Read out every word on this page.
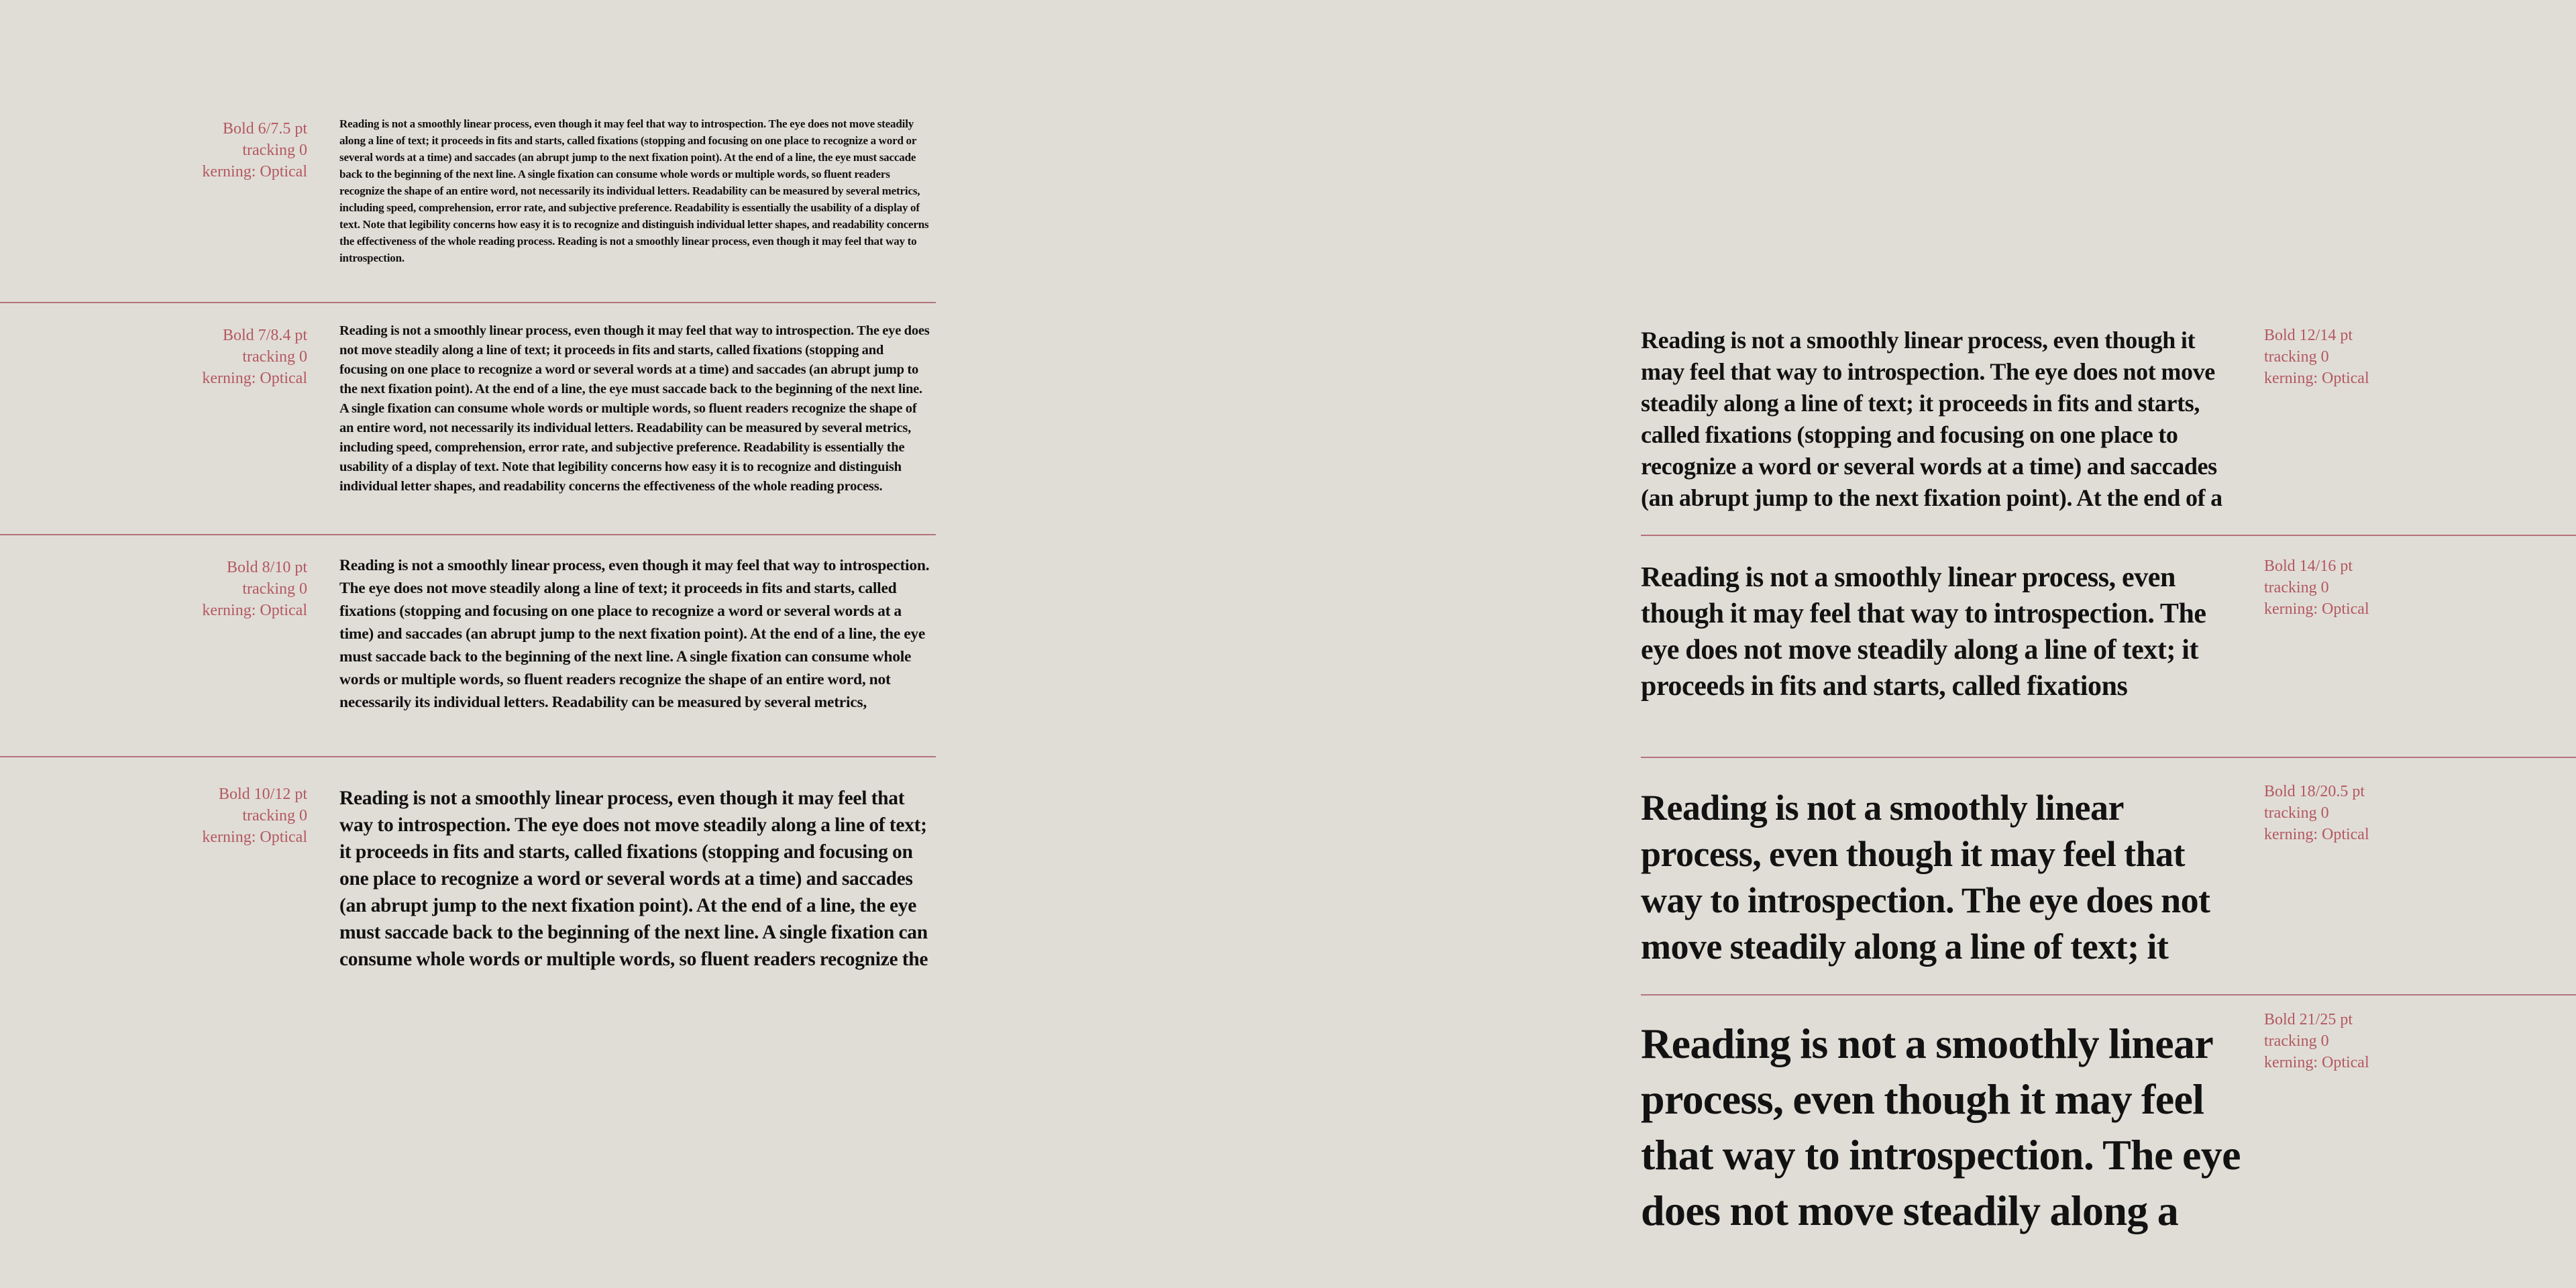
Bold 6/7.5 pt
tracking 0
kerning: Optical
Bold 7/8.4 pt
tracking 0
kerning: Optical
Bold 8/10 pt
tracking 0
kerning: Optical
Bold 10/12 pt
tracking 0
kerning: Optical
Reading is not a smoothly linear process, even though it may feel that way to introspection. The eye does not move steadily along a line of text; it proceeds in fits and starts, called fixations (stopping and focusing on one place to recognize a word or several words at a time) and saccades (an abrupt jump to the next fixation point). At the end of a line, the eye must saccade back to the beginning of the next line. A single fixation can consume whole words or multiple words, so fluent readers recognize the shape of an entire word, not necessarily its individual letters. Readability can be measured by several metrics, including speed, comprehension, error rate, and subjective preference. Readability is essentially the usability of a display of text. Note that legibility concerns how easy it is to recognize and distinguish individual letter shapes, and readability concerns the effectiveness of the whole reading process. Reading is not a smoothly linear process, even though it may feel that way to introspection.
Reading is not a smoothly linear process, even though it may feel that way to introspection. The eye does not move steadily along a line of text; it proceeds in fits and starts, called fixations (stopping and focusing on one place to recognize a word or several words at a time) and saccades (an abrupt jump to the next fixation point). At the end of a line, the eye must saccade back to the beginning of the next line. A single fixation can consume whole words or multiple words, so fluent readers recognize the shape of an entire word, not necessarily its individual letters. Readability can be measured by several metrics, including speed, comprehension, error rate, and subjective preference. Readability is essentially the usability of a display of text. Note that legibility concerns how easy it is to recognize and distinguish individual letter shapes, and readability concerns the effectiveness of the whole reading process.
Reading is not a smoothly linear process, even though it may feel that way to introspection. The eye does not move steadily along a line of text; it proceeds in fits and starts, called fixations (stopping and focusing on one place to recognize a word or several words at a time) and saccades (an abrupt jump to the next fixation point). At the end of a line, the eye must saccade back to the beginning of the next line. A single fixation can consume whole words or multiple words, so fluent readers recognize the shape of an entire word, not necessarily its individual letters. Readability can be measured by several metrics,
Reading is not a smoothly linear process, even though it may feel that way to introspection. The eye does not move steadily along a line of text; it proceeds in fits and starts, called fixations (stopping and focusing on one place to recognize a word or several words at a time) and saccades (an abrupt jump to the next fixation point). At the end of a line, the eye must saccade back to the beginning of the next line. A single fixation can consume whole words or multiple words, so fluent readers recognize the
Reading is not a smoothly linear process, even though it may feel that way to introspection. The eye does not move steadily along a line of text; it proceeds in fits and starts, called fixations (stopping and focusing on one place to recognize a word or several words at a time) and saccades (an abrupt jump to the next fixation point). At the end of a
Reading is not a smoothly linear process, even though it may feel that way to introspection. The eye does not move steadily along a line of text; it proceeds in fits and starts, called fixations
Reading is not a smoothly linear process, even though it may feel that way to introspection. The eye does not move steadily along a line of text; it
Reading is not a smoothly linear process, even though it may feel that way to introspection. The eye does not move steadily along a
Bold 12/14 pt
tracking 0
kerning: Optical
Bold 14/16 pt
tracking 0
kerning: Optical
Bold 18/20.5 pt
tracking 0
kerning: Optical
Bold 21/25 pt
tracking 0
kerning: Optical
